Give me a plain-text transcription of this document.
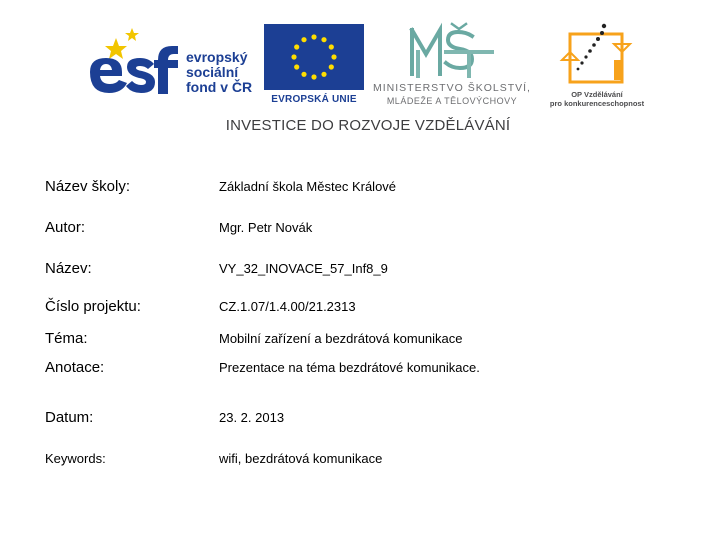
evropský
sociální
fond v ČR
EVROPSKÁ UNIE
MINISTERSTVO ŠKOLSTVÍ,
MLÁDEŽE A TĚLOVÝCHOVY
OP Vzdělávání
pro konkurenceschopnost
INVESTICE DO ROZVOJE VZDĚLÁVÁNÍ
Název školy:	Základní škola Městec Králové
Autor:	Mgr. Petr Novák
Název:	VY_32_INOVACE_57_Inf8_9
Číslo projektu:	CZ.1.07/1.4.00/21.2313
Téma:	Mobilní zařízení a bezdrátová komunikace
Anotace:	Prezentace na téma bezdrátové komunikace.
Datum:	23. 2. 2013
Keywords:	wifi, bezdrátová komunikace
